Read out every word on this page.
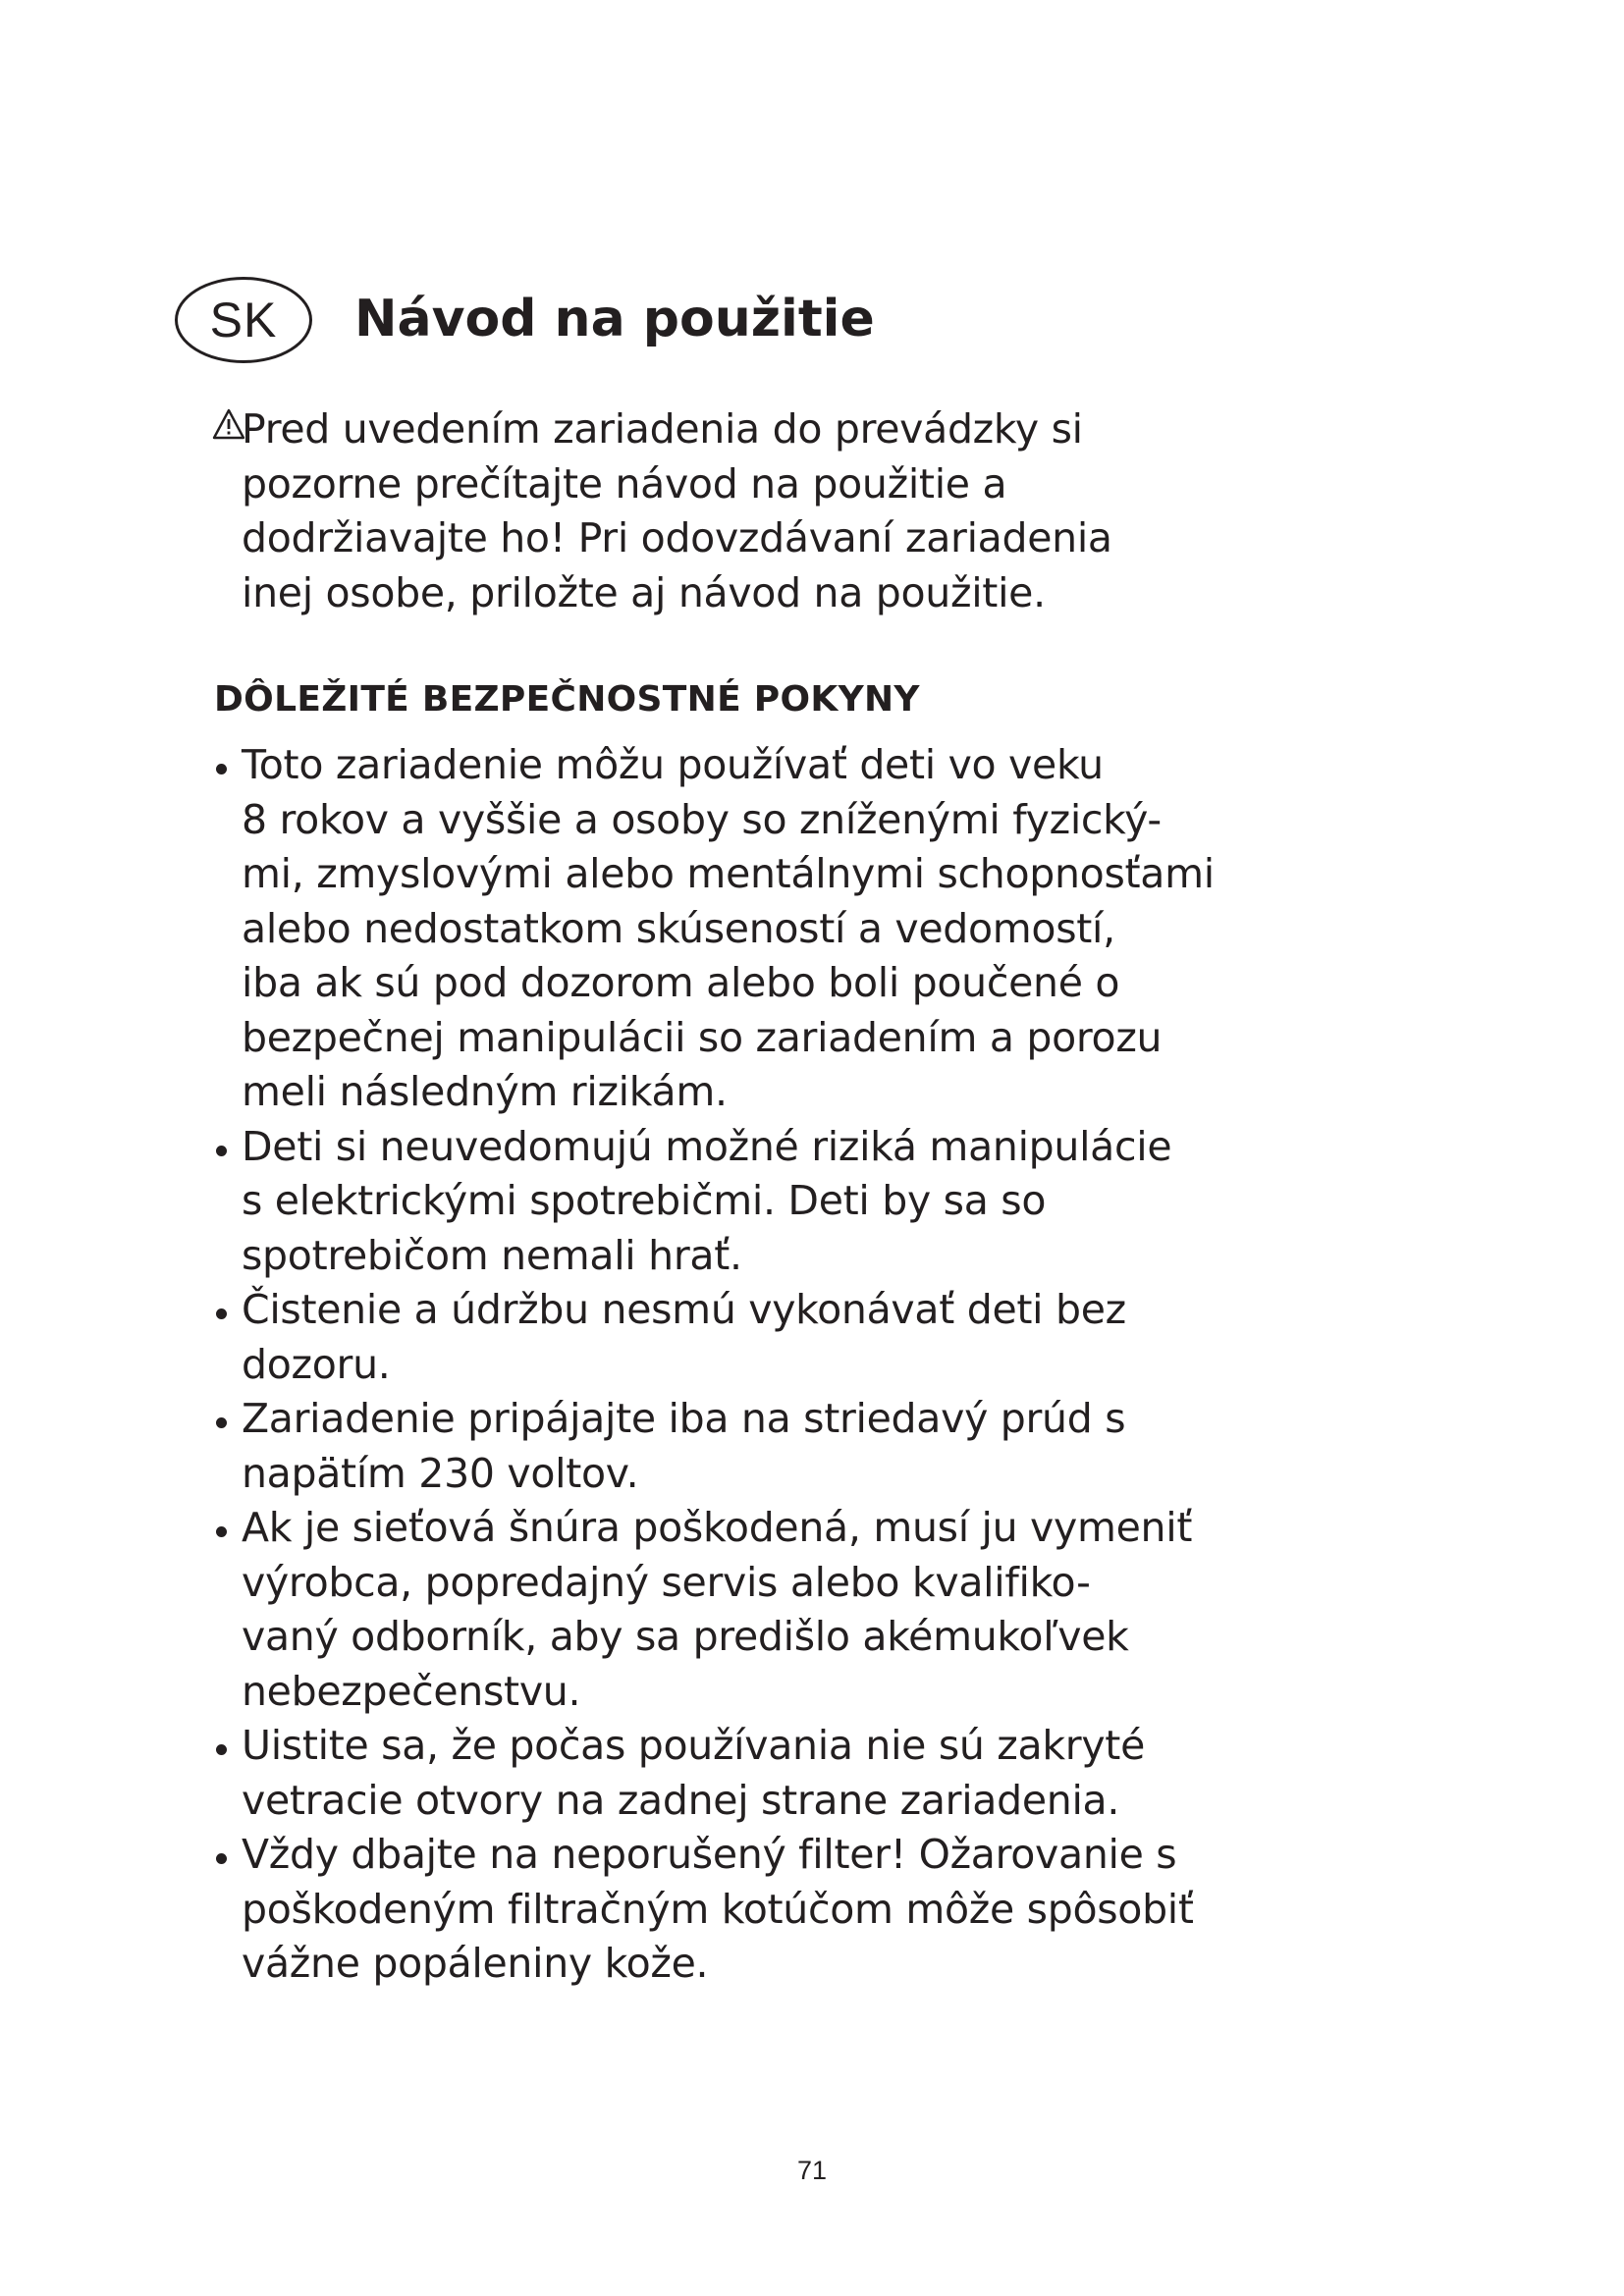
SK	Návod na použitie

Pred uvedením zariadenia do prevádzky si

pozorne prečítajte návod na použitie a

dodržiavajte ho! Pri odovzdávaní zariadenia

inej osobe, priložte aj návod na použitie.

DÔLEŽITÉ BEZPEČNOSTNÉ POKYNY

Toto zariadenie môžu používať deti vo veku

8 rokov a vyššie a osoby so zníženými fyzický-

mi, zmyslovými alebo mentálnymi schopnosťami

alebo nedostatkom skúseností a vedomostí,

iba ak sú pod dozorom alebo boli poučené o

bezpečnej manipulácii so zariadením a porozu

meli následným rizikám.

Deti si neuvedomujú možné riziká manipulácie

s elektrickými spotrebičmi. Deti by sa so

spotrebičom nemali hrať.

Čistenie a údržbu nesmú vykonávať deti bez

dozoru.

Zariadenie pripájajte iba na striedavý prúd s

napätím 230 voltov.

Ak je sieťová šnúra poškodená, musí ju vymeniť

výrobca, popredajný servis alebo kvalifiko-

vaný odborník, aby sa predišlo akémukoľvek

nebezpečenstvu.

Uistite sa, že počas používania nie sú zakryté

vetracie otvory na zadnej strane zariadenia.

Vždy dbajte na neporušený filter! Ožarovanie s

poškodeným filtračným kotúčom môže spôsobiť

vážne popáleniny kože.

71
